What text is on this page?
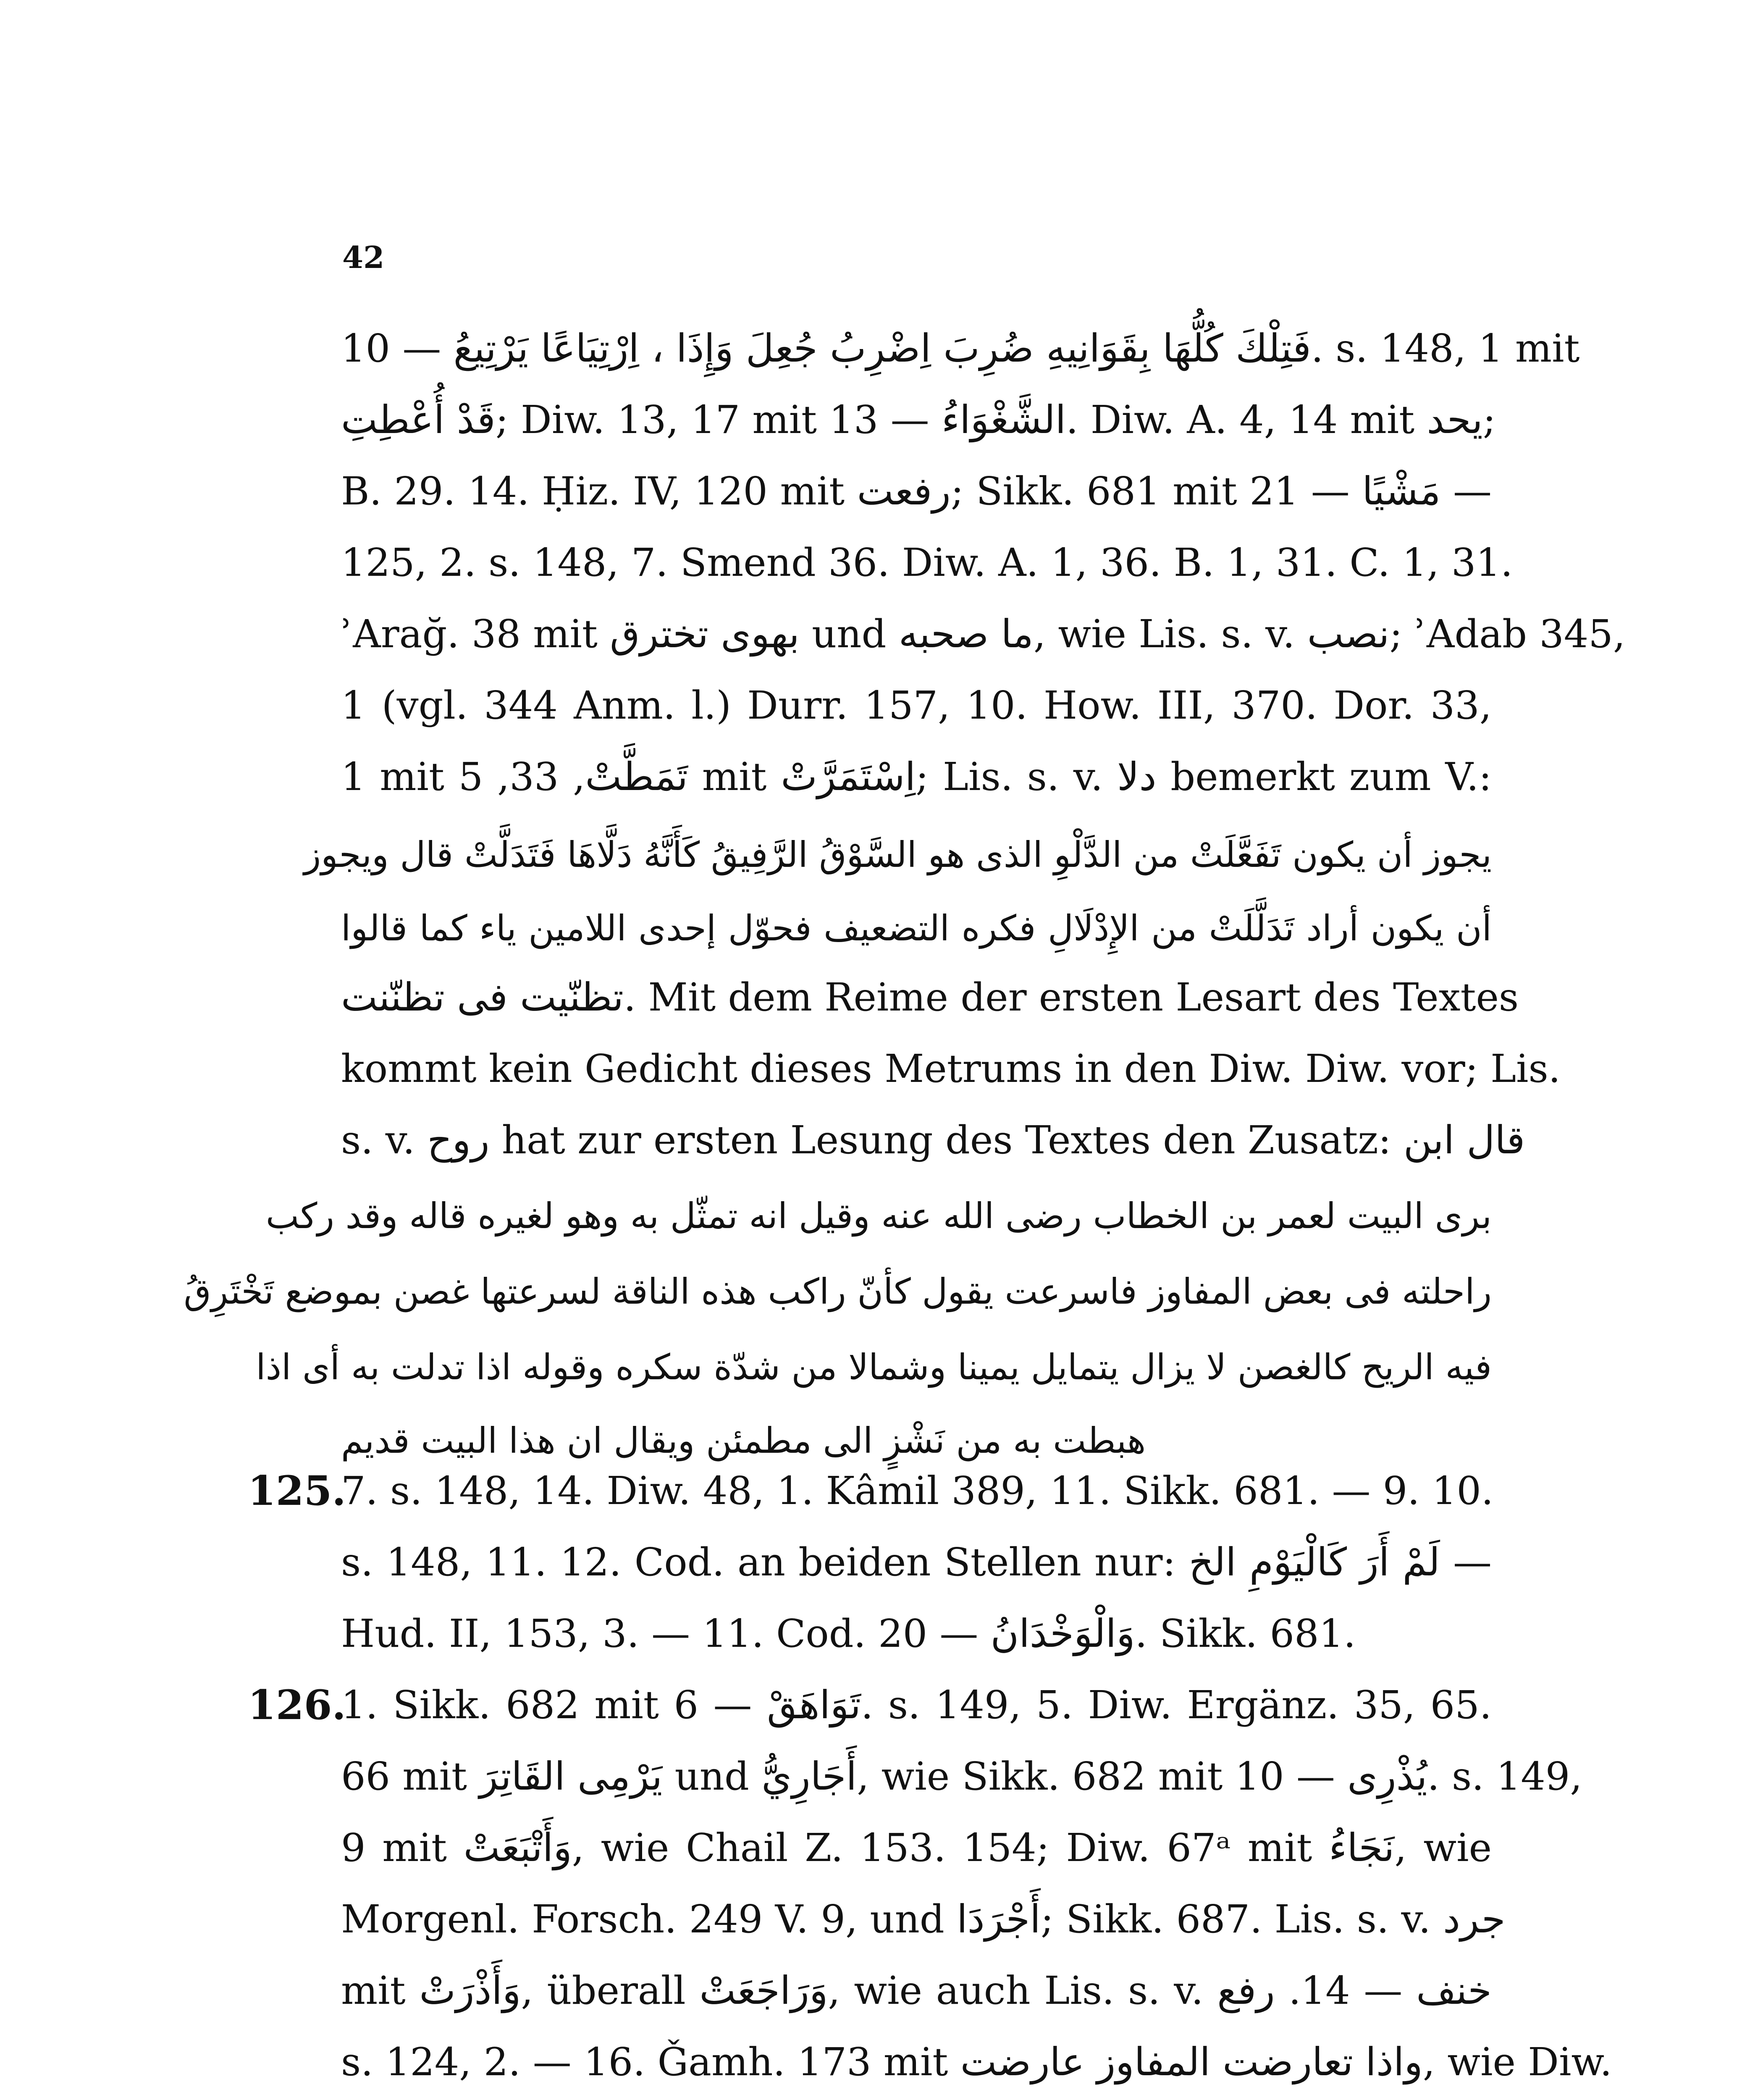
42
فَتِلْكَ كُلُّهَا بِقَوَانِيهِ ضُرِبَ اِضْرِبُ جُعِلَ وَإِذَا ، اِرْتِيَاعًا يَرْتِيعُ — 10. s. 148, 1 mit
قَدْ أُعْطِتِ; Diw. 13, 17 mit الشَّغْوَاءُ — 13. Diw. A. 4, 14 mit يحد;
B. 29. 14. Ḥiz. IV, 120 mit رفعت; Sikk. 681 mit مَشْيًا — 21 —
125, 2. s. 148, 7. Smend 36. Diw. A. 1, 36. B. 1, 31. C. 1, 31.
ʾArağ. 38 mit بهوى تخترق und ما صحبه, wie Lis. s. v. نصب; ʾAdab 345,
1 (vgl. 344 Anm. l.) Durr. 157, 10. How. III, 370. Dor. 33,
1 mit تَمَطَّتْ, 33, 5 mit اِسْتَمَرَّتْ; Lis. s. v. دلا bemerkt zum V.:
يجوز أن يكون تَفَعَّلَتْ من الدَّلْوِ الذى هو السَّوْقُ الرَّفِيقُ كَأَنَّهُ دَلَّاهَا فَتَدَلَّتْ قال ويجوز
أن يكون أراد تَدَلَّلَتْ من الإِدْلَالِ فكره التضعيف فحوّل إحدى اللامين ياء كما قالوا
تظنّيت فى تظنّنت. Mit dem Reime der ersten Lesart des Textes
kommt kein Gedicht dieses Metrums in den Diw. Diw. vor; Lis.
s. v. روح hat zur ersten Lesung des Textes den Zusatz: قال ابن
برى البيت لعمر بن الخطاب رضى الله عنه وقيل انه تمثّل به وهو لغيره قاله وقد ركب
راحلته فى بعض المفاوز فاسرعت يقول كأنّ راكب هذه الناقة لسرعتها غصن بموضع تَخْتَرِقُ
فيه الريح كالغصن لا يزال يتمايل يمينا وشمالا من شدّة سكره وقوله اذا تدلت به أى اذا
هبطت به من نَشْزٍ الى مطمئن ويقال ان هذا البيت قديم
125.
7. s. 148, 14. Diw. 48, 1. Kâmil 389, 11. Sikk. 681. — 9. 10.
s. 148, 11. 12. Cod. an beiden Stellen nur: لَمْ أَرَ كَالْيَوْمِ الخ —
Hud. II, 153, 3. — 11. Cod. وَالْوَخْدَانُ — 20. Sikk. 681.
126.
1. Sikk. 682 mit تَوَاهَقْ — 6. s. 149, 5. Diw. Ergänz. 35, 65.
66 mit يَرْمِى القَاتِرَ und أَجَارِيُّ, wie Sikk. 682 mit يُذْرِى — 10. s. 149,
9 mit وَأَتْبَعَتْ, wie Chail Z. 153. 154; Diw. 67ᵃ mit نَجَاءُ, wie
Morgenl. Forsch. 249 V. 9, und أَجْرَدَا; Sikk. 687. Lis. s. v. جرد
mit وَأَذْرَتْ, überall وَرَاجَعَتْ, wie auch Lis. s. v. خنف — 14. رفع
s. 124, 2. — 16. Ǧamh. 173 mit واذا تعارضت المفاوز عارضت, wie Diw.
